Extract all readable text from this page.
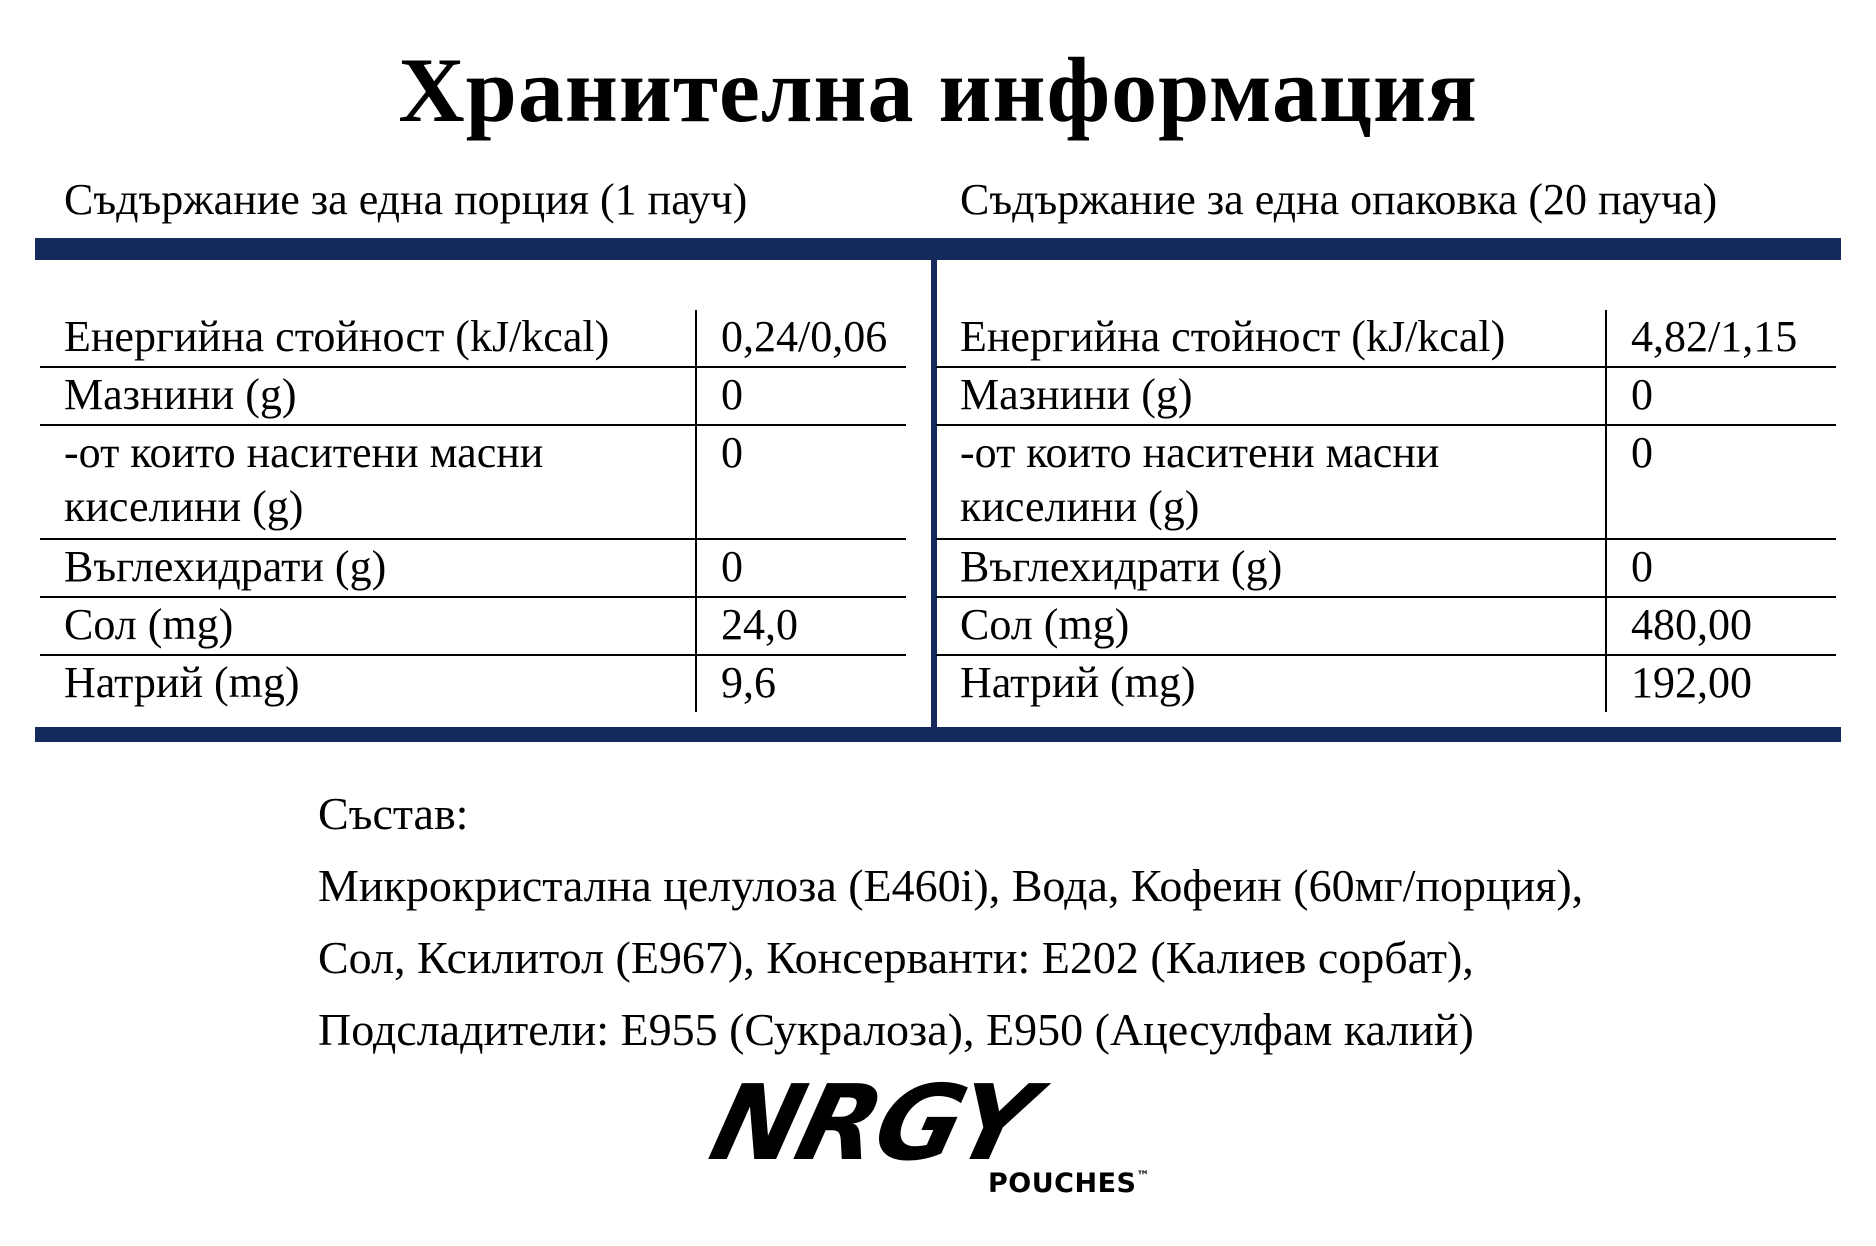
Хранителна информация
Съдържание за една порция (1 пауч)	Съдържание за една опаковка (20 пауча)
Енергийна стойност (kJ/kcal)	0,24/0,06
Мазнини (g)	0
-от които наситени масни киселини (g)	0
Въглехидрати (g)	0
Сол (mg)	24,0
Натрий (mg)	9,6
Енергийна стойност (kJ/kcal)	4,82/1,15
Мазнини (g)	0
-от които наситени масни киселини (g)	0
Въглехидрати (g)	0
Сол (mg)	480,00
Натрий (mg)	192,00
Състав:
Микрокристална целулоза (E460i), Вода, Кофеин (60мг/порция),
Сол, Ксилитол (E967), Консерванти: E202 (Калиев сорбат),
Подсладители: E955 (Сукралоза), E950 (Ацесулфам калий)
NRGY
POUCHES™
